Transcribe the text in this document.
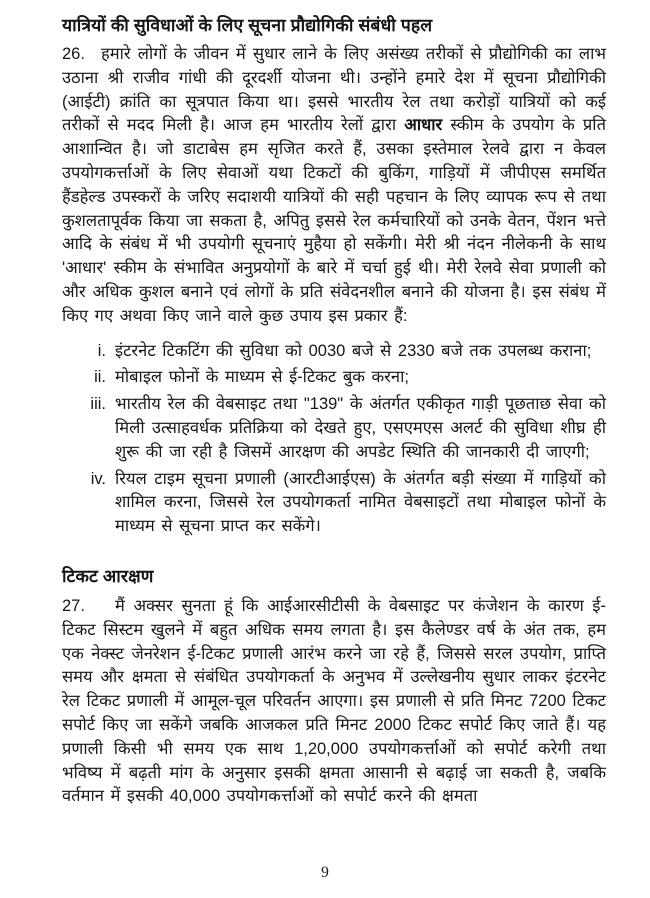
यात्रियों की सुविधाओं के लिए सूचना प्रौद्योगिकी संबंधी पहल

26. हमारे लोगों के जीवन में सुधार लाने के लिए असंख्य तरीकों से प्रौद्योगिकी का लाभ उठाना श्री राजीव गांधी की दूरदर्शी योजना थी। उन्होंने हमारे देश में सूचना प्रौद्योगिकी (आईटी) क्रांति का सूत्रपात किया था। इससे भारतीय रेल तथा करोड़ों यात्रियों को कई तरीकों से मदद मिली है। आज हम भारतीय रेलों द्वारा आधार स्कीम के उपयोग के प्रति आशान्वित है। जो डाटाबेस हम सृजित करते हैं, उसका इस्तेमाल रेलवे द्वारा न केवल उपयोगकर्त्ताओं के लिए सेवाओं यथा टिकटों की बुकिंग, गाड़ियों में जीपीएस समर्थित हैंडहेल्ड उपस्करों के जरिए सदाशयी यात्रियों की सही पहचान के लिए व्यापक रूप से तथा कुशलतापूर्वक किया जा सकता है, अपितु इससे रेल कर्मचारियों को उनके वेतन, पेंशन भत्ते आदि के संबंध में भी उपयोगी सूचनाएं मुहैया हो सकेंगी। मेरी श्री नंदन नीलेकनी के साथ 'आधार' स्कीम के संभावित अनुप्रयोगों के बारे में चर्चा हुई थी। मेरी रेलवे सेवा प्रणाली को और अधिक कुशल बनाने एवं लोगों के प्रति संवेदनशील बनाने की योजना है। इस संबंध में किए गए अथवा किए जाने वाले कुछ उपाय इस प्रकार हैं:

i. इंटरनेट टिकटिंग की सुविधा को 0030 बजे से 2330 बजे तक उपलब्ध कराना;
ii. मोबाइल फोनों के माध्यम से ई-टिकट बुक करना;
iii. भारतीय रेल की वेबसाइट तथा "139" के अंतर्गत एकीकृत गाड़ी पूछताछ सेवा को मिली उत्साहवर्धक प्रतिक्रिया को देखते हुए, एसएमएस अलर्ट की सुविधा शीघ्र ही शुरू की जा रही है जिसमें आरक्षण की अपडेट स्थिति की जानकारी दी जाएगी;
iv. रियल टाइम सूचना प्रणाली (आरटीआईएस) के अंतर्गत बड़ी संख्या में गाड़ियों को शामिल करना, जिससे रेल उपयोगकर्ता नामित वेबसाइटों तथा मोबाइल फोनों के माध्यम से सूचना प्राप्त कर सकेंगे।
टिकट आरक्षण

27. मैं अक्सर सुनता हूं कि आईआरसीटीसी के वेबसाइट पर कंजेशन के कारण ई-टिकट सिस्टम खुलने में बहुत अधिक समय लगता है। इस कैलेण्डर वर्ष के अंत तक, हम एक नेक्स्ट जेनरेशन ई-टिकट प्रणाली आरंभ करने जा रहे हैं, जिससे सरल उपयोग, प्राप्ति समय और क्षमता से संबंधित उपयोगकर्ता के अनुभव में उल्लेखनीय सुधार लाकर इंटरनेट रेल टिकट प्रणाली में आमूल-चूल परिवर्तन आएगा। इस प्रणाली से प्रति मिनट 7200 टिकट सपोर्ट किए जा सकेंगे जबकि आजकल प्रति मिनट 2000 टिकट सपोर्ट किए जाते हैं। यह प्रणाली किसी भी समय एक साथ 1,20,000 उपयोगकर्त्ताओं को सपोर्ट करेगी तथा भविष्य में बढ़ती मांग के अनुसार इसकी क्षमता आसानी से बढ़ाई जा सकती है, जबकि वर्तमान में इसकी 40,000 उपयोगकर्त्ताओं को सपोर्ट करने की क्षमता

9
